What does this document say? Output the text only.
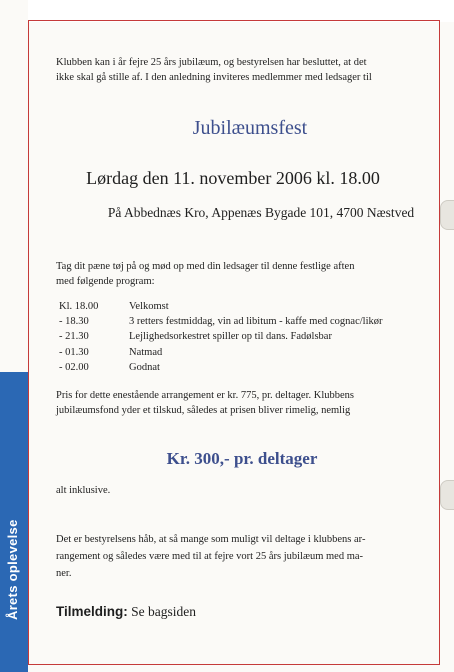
Årets oplevelse
Klubben kan i år fejre 25 års jubilæum, og bestyrelsen har besluttet, at det
ikke skal gå stille af. I den anledning inviteres medlemmer med ledsager til
Jubilæumsfest
Lørdag den 11. november 2006 kl. 18.00
På Abbednæs Kro, Appenæs Bygade 101, 4700 Næstved
Tag dit pæne tøj på og mød op med din ledsager til denne festlige aften
med følgende program:
Kl. 18.00	Velkomst
- 18.30	3 retters festmiddag, vin ad libitum - kaffe med cognac/likør
- 21.30	Lejlighedsorkestret spiller op til dans. Fadølsbar
- 01.30	Natmad
- 02.00	Godnat
Pris for dette enestående arrangement er kr. 775, pr. deltager. Klubbens
jubilæumsfond yder et tilskud, således at prisen bliver rimelig, nemlig
Kr. 300,- pr. deltager
alt inklusive.
Det er bestyrelsens håb, at så mange som muligt vil deltage i klubbens ar-
rangement og således være med til at fejre vort 25 års jubilæum med ma-
ner.
Tilmelding: Se bagsiden
